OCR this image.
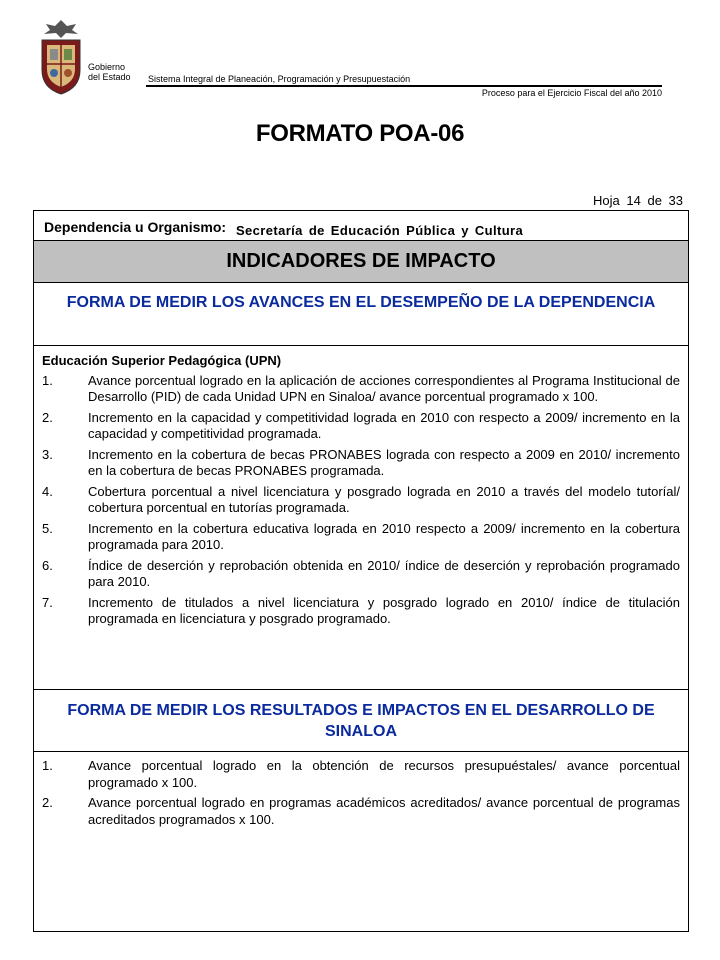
Gobierno
del Estado Sistema Integral de Planeación, Programación y Presupuestación
Proceso para el Ejercicio Fiscal del año 2010
FORMATO POA-06
Hoja 14 de 33
Dependencia u Organismo: Secretaría de Educación Pública y Cultura
INDICADORES DE IMPACTO
FORMA DE MEDIR LOS AVANCES EN EL DESEMPEÑO DE LA DEPENDENCIA
Educación Superior Pedagógica (UPN)
1.	Avance porcentual logrado en la aplicación de acciones correspondientes al Programa Institucional de Desarrollo (PID) de cada Unidad UPN en Sinaloa/ avance porcentual programado x 100.
2.	Incremento en la capacidad y competitividad lograda en 2010 con respecto a 2009/ incremento en la capacidad y competitividad programada.
3.	Incremento en la cobertura de becas PRONABES lograda con respecto a 2009 en 2010/ incremento en la cobertura de becas PRONABES programada.
4.	Cobertura porcentual a nivel licenciatura y posgrado lograda en 2010 a través del modelo tutoríal/ cobertura porcentual en tutorías programada.
5.	Incremento en la cobertura educativa lograda en 2010 respecto a 2009/ incremento en la cobertura programada para 2010.
6.	Índice de deserción y reprobación obtenida en 2010/ índice de deserción y reprobación programado para 2010.
7.	Incremento de titulados a nivel licenciatura y posgrado logrado en 2010/ índice de titulación programada en licenciatura y posgrado programado.
FORMA DE MEDIR LOS RESULTADOS E IMPACTOS EN EL DESARROLLO DE SINALOA
1.	Avance porcentual logrado en la obtención de recursos presupuéstales/ avance porcentual programado x 100.
2.	Avance porcentual logrado en programas académicos acreditados/ avance porcentual de programas acreditados programados x 100.
